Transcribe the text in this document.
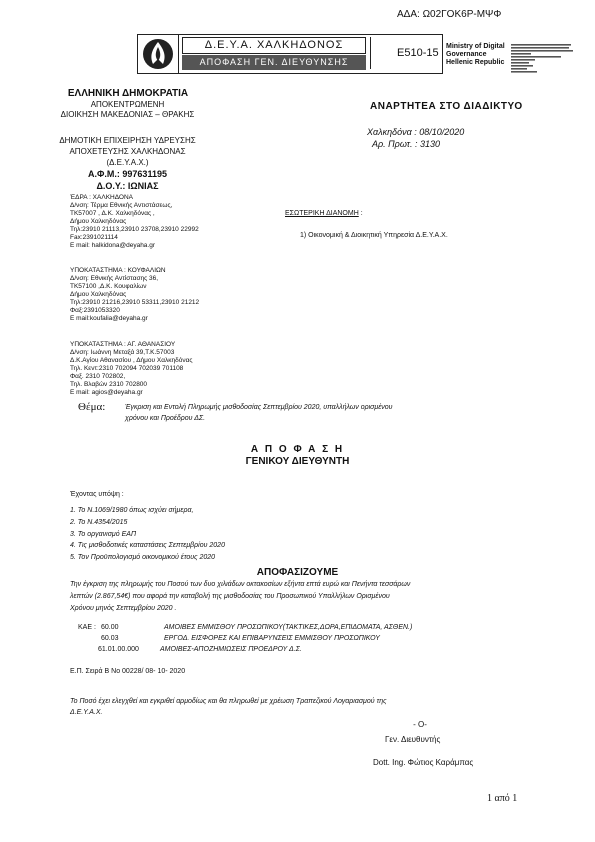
ΑΔΑ: Ω02ΓΟΚ6Ρ-ΜΨΦ
Δ.Ε.Υ.Α. ΧΑΛΚΗΔΟΝΟΣ
ΑΠΟΦΑΣΗ ΓΕΝ. ΔΙΕΥΘΥΝΣΗΣ
Ε510-15
Ministry of Digital
Governance
Hellenic Republic
ΕΛΛΗΝΙΚΗ ΔΗΜΟΚΡΑΤΙΑ
ΑΠΟΚΕΝΤΡΩΜΕΝΗ
ΔΙΟΙΚΗΣΗ ΜΑΚΕΔΟΝΙΑΣ – ΘΡΑΚΗΣ
ΔΗΜΟΤΙΚΗ ΕΠΙΧΕΙΡΗΣΗ ΥΔΡΕΥΣΗΣ
ΑΠΟΧΕΤΕΥΣΗΣ ΧΑΛΚΗΔΟΝΑΣ
(Δ.Ε.Υ.Α.Χ.)
Α.Φ.Μ.: 997631195
Δ.Ο.Υ.: ΙΩΝΙΑΣ
ΈΔΡΑ : ΧΑΛΚΗΔΟΝΑ
Δ/νση: Τέρμα Εθνικής Αντιστάσεως,
ΤΚ57007 , Δ.Κ. Χαλκηδόνας ,
Δήμου Χαλκηδόνας
Τηλ:23910 21113,23910 23708,23910 22992
Fax:2391021114
E mail: halkidona@deyaha.gr
ΥΠΟΚΑΤΑΣΤΗΜΑ : ΚΟΥΦΑΛΙΩΝ
Δ/νση: Εθνικής Αντίστασης 36,
ΤΚ57100 ,Δ.Κ. Κουφαλίων
Δήμου Χαλκηδόνας
Τηλ:23910 21216,23910 53311,23910 21212
Φαξ:2391053320
E mail:koufalia@deyaha.gr
ΥΠΟΚΑΤΑΣΤΗΜΑ : ΑΓ. ΑΘΑΝΑΣΙΟΥ
Δ/νση: Ιωάννη Μεταξά 39,Τ.Κ.57003
Δ.Κ.Αγίου Αθανασίου , Δήμου Χαλκηδόνας
Τηλ. Κεντ:2310 702094 702039 701108
Φαξ. 2310 702802,
Τηλ. Βλαβών 2310 702800
E mail: agios@deyaha.gr
ΑΝΑΡΤΗΤΕΑ ΣΤΟ ΔΙΑΔΙΚΤΥΟ
Χαλκηδόνα : 08/10/2020
Αρ. Πρωτ. : 3130
ΕΣΩΤΕΡΙΚΗ ΔΙΑΝΟΜΗ :
1) Οικονομική & Διοικητική Υπηρεσία Δ.Ε.Υ.Α.Χ.
Θέμα:	Έγκριση και Εντολή Πληρωμής μισθοδοσίας Σεπτεμβρίου 2020, υπαλλήλων ορισμένου
χρόνου και Προέδρου ΔΣ.
Α Π Ο Φ Α Σ Η
ΓΕΝΙΚΟΥ ΔΙΕΥΘΥΝΤΗ
Έχοντας υπόψη :
1. Το Ν.1069/1980 όπως ισχύει σήμερα,
2. Το Ν.4354/2015
3. Το οργανισμό ΕΑΠ
4. Τις μισθοδοτικές καταστάσεις Σεπτεμβρίου 2020
5. Τον Προϋπολογισμό οικονομικού έτους 2020
ΑΠΟΦΑΣΙΖΟΥΜΕ
Την έγκριση της πληρωμής του Ποσού των δυο χιλιάδων οκτακοσίων εξήντα επτά ευρώ και Πενήντα τεσσάρων
λεπτών (2.867,54€) που αφορά την καταβολή της μισθοδοσίας του Προσωπικού Υπαλλήλων Ορισμένου
Χρόνου μηνός Σεπτεμβρίου 2020 .
ΚΑΕ : 60.00	ΑΜΟΙΒΕΣ ΕΜΜΙΣΘΟΥ ΠΡΟΣΩΠΙΚΟΥ(ΤΑΚΤΙΚΕΣ,ΔΩΡΑ,ΕΠΙΔΟΜΑΤΑ, ΑΣΘΕΝ.)
60.03	ΕΡΓΟΔ. ΕΙΣΦΟΡΕΣ ΚΑΙ ΕΠΙΒΑΡΥΝΣΕΙΣ ΕΜΜΙΣΘΟΥ ΠΡΟΣΩΠΙΚΟΥ
61.01.00.000	ΑΜΟΙΒΕΣ-ΑΠΟΖΗΜΙΩΣΕΙΣ ΠΡΟΕΔΡΟΥ Δ.Σ.
Ε.Π. Σειρά Β Νο 00228/ 08- 10- 2020
Το Ποσό έχει ελεγχθεί και εγκριθεί αρμοδίως και θα πληρωθεί με χρέωση Τραπεζικού Λογαριασμού της
Δ.Ε.Υ.Α.Χ.
- Ο-
Γεν. Διευθυντής
Dott. Ing. Φώτιος Καράμπας
1 από 1
